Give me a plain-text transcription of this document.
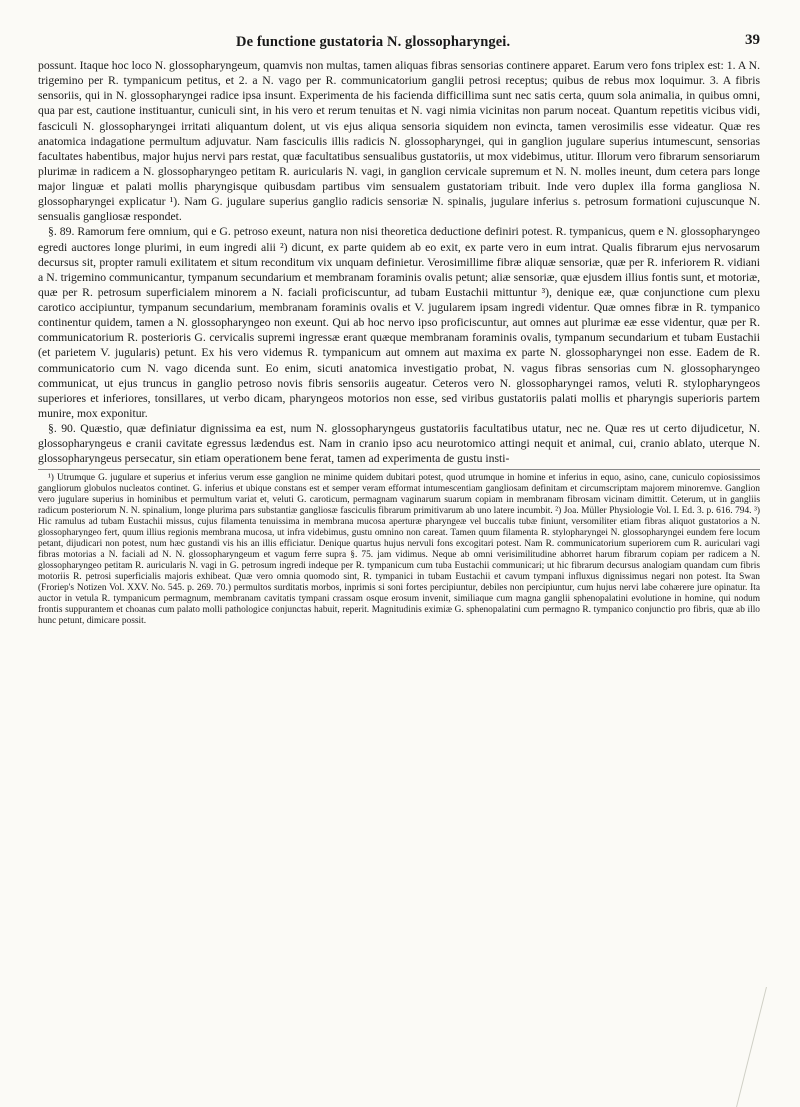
De functione gustatoria N. glossopharyngei.	39

possunt. Itaque hoc loco N. glossopharyngeum, quamvis non multas, tamen aliquas fibras sensorias continere apparet. Earum vero fons triplex est: 1. A N. trigemino per R. tympanicum petitus, et 2. a N. vago per R. communicatorium ganglii petrosi receptus; quibus de rebus mox loquimur. 3. A fibris sensoriis, qui in N. glossopharyngei radice ipsa insunt. Experimenta de his facienda difficillima sunt nec satis certa, quum sola animalia, in quibus omni, qua par est, cautione instituantur, cuniculi sint, in his vero et rerum tenuitas et N. vagi nimia vicinitas non parum noceat. Quantum repetitis vicibus vidi, fasciculi N. glossopharyngei irritati aliquantum dolent, ut vis ejus aliqua sensoria siquidem non evincta, tamen verosimilis esse videatur. Quæ res anatomica indagatione permultum adjuvatur. Nam fasciculis illis radicis N. glossopharyngei, qui in ganglion jugulare superius intumescunt, sensorias facultates habentibus, major hujus nervi pars restat, quæ facultatibus sensualibus gustatoriis, ut mox videbimus, utitur. Illorum vero fibrarum sensoriarum plurimæ in radicem a N. glossopharyngeo petitam R. auricularis N. vagi, in ganglion cervicale supremum et N. N. molles ineunt, dum cetera pars longe major linguæ et palati mollis pharyngisque quibusdam partibus vim sensualem gustatoriam tribuit. Inde vero duplex illa forma gangliosa N. glossopharyngei explicatur ¹). Nam G. jugulare superius ganglio radicis sensoriæ N. spinalis, jugulare inferius s. petrosum formationi cujuscunque N. sensualis gangliosæ respondet.

§. 89. Ramorum fere omnium, qui e G. petroso exeunt, natura non nisi theoretica deductione definiri potest. R. tympanicus, quem e N. glossopharyngeo egredi auctores longe plurimi, in eum ingredi alii ²) dicunt, ex parte quidem ab eo exit, ex parte vero in eum intrat. Qualis fibrarum ejus nervosarum decursus sit, propter ramuli exilitatem et situm reconditum vix unquam definietur. Verosimillime fibræ aliquæ sensoriæ, quæ per R. inferiorem R. vidiani a N. trigemino communicantur, tympanum secundarium et membranam foraminis ovalis petunt; aliæ sensoriæ, quæ ejusdem illius fontis sunt, et motoriæ, quæ per R. petrosum superficialem minorem a N. faciali proficiscuntur, ad tubam Eustachii mittuntur ³), denique eæ, quæ conjunctione cum plexu carotico accipiuntur, tympanum secundarium, membranam foraminis ovalis et V. jugularem ipsam ingredi videntur. Quæ omnes fibræ in R. tympanico continentur quidem, tamen a N. glossopharyngeo non exeunt. Qui ab hoc nervo ipso proficiscuntur, aut omnes aut plurimæ eæ esse videntur, quæ per R. communicatorium R. posterioris G. cervicalis supremi ingressæ erant quæque membranam foraminis ovalis, tympanum secundarium et tubam Eustachii (et parietem V. jugularis) petunt. Ex his vero videmus R. tympanicum aut omnem aut maxima ex parte N. glossopharyngei non esse. Eadem de R. communicatorio cum N. vago dicenda sunt. Eo enim, sicuti anatomica investigatio probat, N. vagus fibras sensorias cum N. glossopharyngeo communicat, ut ejus truncus in ganglio petroso novis fibris sensoriis augeatur. Ceteros vero N. glossopharyngei ramos, veluti R. stylopharyngeos superiores et inferiores, tonsillares, ut verbo dicam, pharyngeos motorios non esse, sed viribus gustatoriis palati mollis et pharyngis superioris partem munire, mox exponitur.

§. 90. Quæstio, quæ definiatur dignissima ea est, num N. glossopharyngeus gustatoriis facultatibus utatur, nec ne. Quæ res ut certo dijudicetur, N. glossopharyngeus e cranii cavitate egressus lædendus est. Nam in cranio ipso acu neurotomico attingi nequit et animal, cui, cranio ablato, uterque N. glossopharyngeus persecatur, sin etiam operationem bene ferat, tamen ad experimenta de gustu insti-

¹) Utrumque G. jugulare et superius et inferius verum esse ganglion ne minime quidem dubitari potest, quod utrumque in homine et inferius in equo, asino, cane, cuniculo copiosissimos gangliorum globulos nucleatos continet. G. inferius et ubique constans est et semper veram efformat intumescentiam gangliosam definitam et circumscriptam majorem minoremve. Ganglion vero jugulare superius in hominibus et permultum variat et, veluti G. caroticum, permagnam vaginarum suarum copiam in membranam fibrosam vicinam dimittit. Ceterum, ut in gangliis radicum posteriorum N. N. spinalium, longe plurima pars substantiæ gangliosæ fasciculis fibrarum primitivarum ab uno latere incumbit. ²) Joa. Müller Physiologie Vol. I. Ed. 3. p. 616. 794. ³) Hic ramulus ad tubam Eustachii missus, cujus filamenta tenuissima in membrana mucosa aperturæ pharyngeæ vel buccalis tubæ finiunt, versomiliter etiam fibras aliquot gustatorios a N. glossopharyngeo fert, quum illius regionis membrana mucosa, ut infra videbimus, gustu omnino non careat. Tamen quum filamenta R. stylopharyngei N. glossopharyngei eundem fere locum petant, dijudicari non potest, num hæc gustandi vis his an illis efficiatur. Denique quartus hujus nervuli fons excogitari potest. Nam R. communicatorium superiorem cum R. auriculari vagi fibras motorias a N. faciali ad N. N. glossopharyngeum et vagum ferre supra §. 75. jam vidimus. Neque ab omni verisimilitudine abhorret harum fibrarum copiam per radicem a N. glossopharyngeo petitam R. auricularis N. vagi in G. petrosum ingredi indeque per R. tympanicum cum tuba Eustachii communicari; ut hic fibrarum decursus analogiam quandam cum fibris motoriis R. petrosi superficialis majoris exhibeat. Quæ vero omnia quomodo sint, R. tympanici in tubam Eustachii et cavum tympani influxus dignissimus negari non potest. Ita Swan (Froriep's Notizen Vol. XXV. No. 545. p. 269. 70.) permultos surditatis morbos, inprimis si soni fortes percipiuntur, debiles non percipiuntur, cum hujus nervi labe cohærere jure opinatur. Ita auctor in vetula R. tympanicum permagnum, membranam cavitatis tympani crassam osque erosum invenit, similiaque cum magna ganglii sphenopalatini evolutione in homine, qui nodum frontis suppurantem et choanas cum palato molli pathologice conjunctas habuit, reperit. Magnitudinis eximiæ G. sphenopalatini cum permagno R. tympanico conjunctio pro fibris, quæ ab illo hunc petunt, dimicare possit.
